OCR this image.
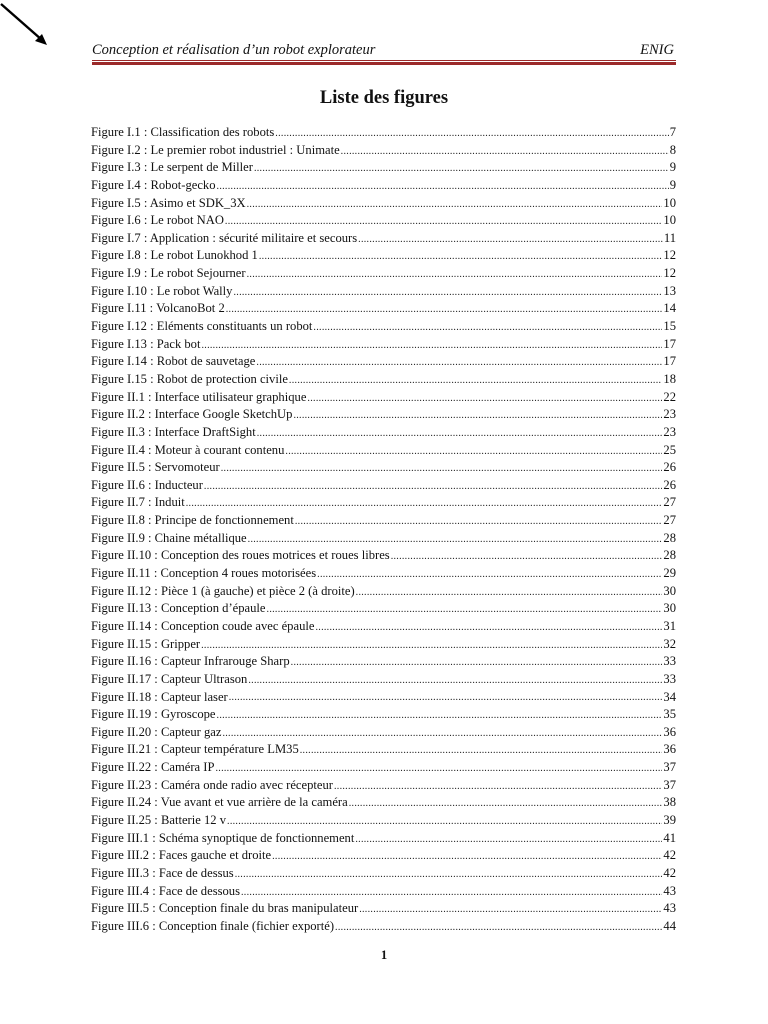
Conception et réalisation d’un robot explorateur	ENIG
Liste des figures
Figure I.1 : Classification des robots .....	7
Figure I.2 : Le premier robot industriel : Unimate .....	8
Figure I.3 : Le serpent de Miller .....	9
Figure I.4 : Robot-gecko .....	9
Figure I.5 : Asimo et SDK_3X .....	10
Figure I.6 : Le robot NAO .....	10
Figure I.7 : Application : sécurité militaire et secours .....	11
Figure I.8 : Le robot Lunokhod 1 .....	12
Figure I.9 : Le robot Sejourner .....	12
Figure I.10 : Le robot Wally .....	13
Figure I.11 : VolcanoBot 2 .....	14
Figure I.12 : Eléments constituants un robot .....	15
Figure I.13 : Pack bot .....	17
Figure I.14 : Robot de sauvetage .....	17
Figure I.15 : Robot de protection civile .....	18
Figure II.1 : Interface utilisateur graphique .....	22
Figure II.2 : Interface Google SketchUp .....	23
Figure II.3 : Interface DraftSight .....	23
Figure II.4 : Moteur à courant contenu .....	25
Figure II.5 : Servomoteur .....	26
Figure II.6 : Inducteur .....	26
Figure II.7 : Induit .....	27
Figure II.8 : Principe de fonctionnement .....	27
Figure II.9 : Chaine métallique .....	28
Figure II.10 : Conception des roues motrices et roues libres .....	28
Figure II.11 : Conception 4 roues motorisées .....	29
Figure II.12 : Pièce 1 (à gauche) et pièce 2 (à droite) .....	30
Figure II.13 : Conception d’épaule .....	30
Figure II.14 : Conception coude avec épaule .....	31
Figure II.15 : Gripper .....	32
Figure II.16 : Capteur Infrarouge Sharp .....	33
Figure II.17 : Capteur Ultrason .....	33
Figure II.18 : Capteur laser .....	34
Figure II.19 : Gyroscope .....	35
Figure II.20 : Capteur gaz .....	36
Figure II.21 : Capteur température LM35 .....	36
Figure II.22 : Caméra IP .....	37
Figure II.23 : Caméra onde radio avec récepteur .....	37
Figure II.24 : Vue avant et vue arrière de la caméra .....	38
Figure II.25 : Batterie 12 v .....	39
Figure III.1 : Schéma synoptique de fonctionnement .....	41
Figure III.2 : Faces gauche et droite .....	42
Figure III.3 : Face de dessus .....	42
Figure III.4 : Face de dessous .....	43
Figure III.5 : Conception finale du bras manipulateur .....	43
Figure III.6 : Conception finale (fichier exporté) .....	44
1
